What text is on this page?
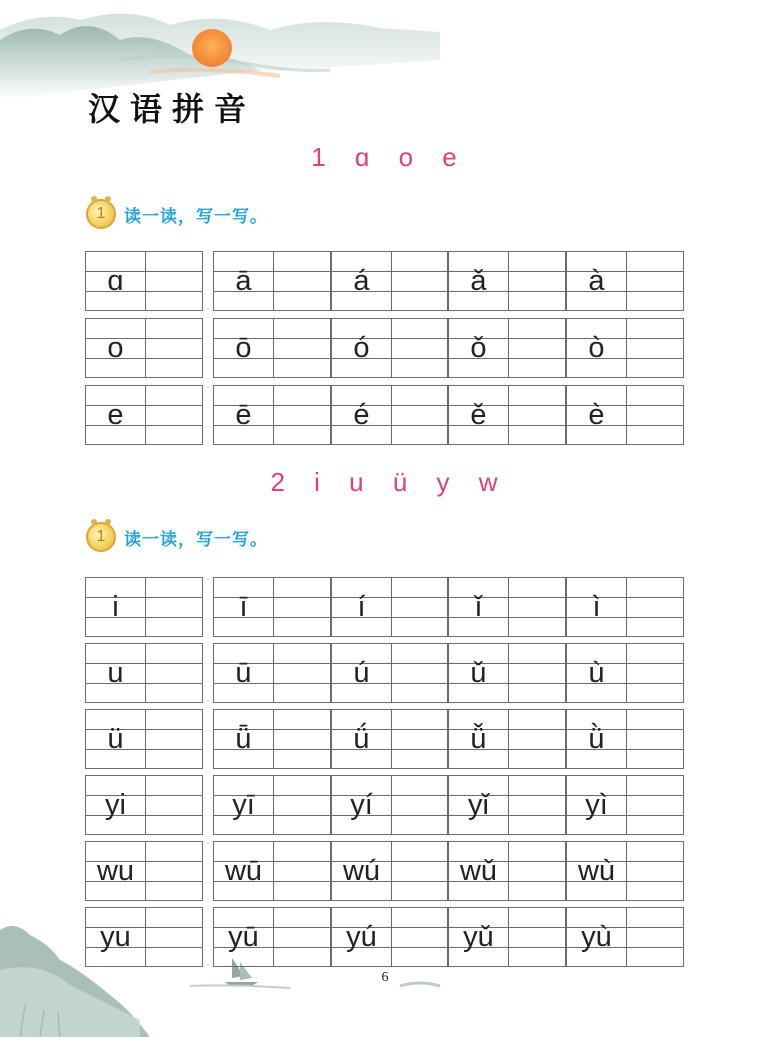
汉语拼音
1 ɑ o e
1	读一读，写一写。
ɑ	ā	á	ǎ	à
o	ō	ó	ǒ	ò
e	ē	é	ě	è
2 i u ü y w
1	读一读，写一写。
i	ī	í	ǐ	ì
u	ū	ú	ǔ	ù
ü	ǖ	ǘ	ǚ	ǜ
yi	yī	yí	yǐ	yì
wu	wū	wú	wǔ	wù
yu	yū	yú	yǔ	yù
6
